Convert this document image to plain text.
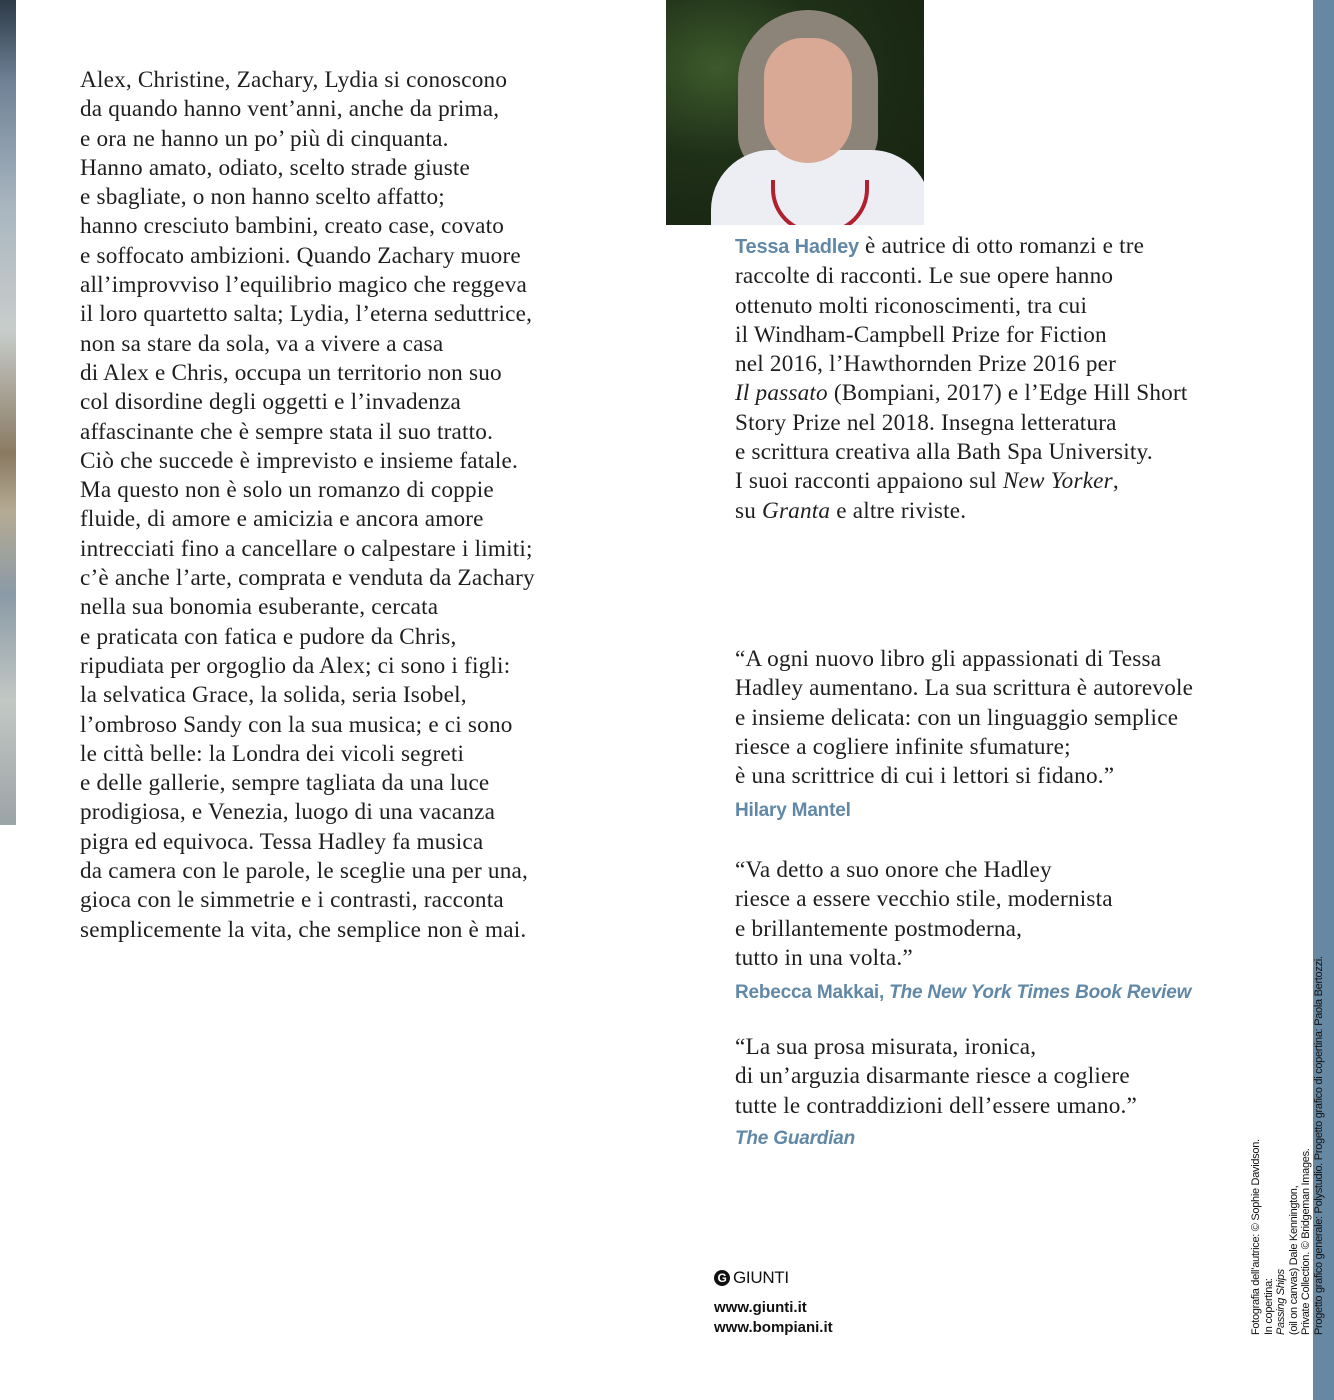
Alex, Christine, Zachary, Lydia si conoscono
da quando hanno vent’anni, anche da prima,
e ora ne hanno un po’ più di cinquanta.
Hanno amato, odiato, scelto strade giuste
e sbagliate, o non hanno scelto affatto;
hanno cresciuto bambini, creato case, covato
e soffocato ambizioni. Quando Zachary muore
all’improvviso l’equilibrio magico che reggeva
il loro quartetto salta; Lydia, l’eterna seduttrice,
non sa stare da sola, va a vivere a casa
di Alex e Chris, occupa un territorio non suo
col disordine degli oggetti e l’invadenza
affascinante che è sempre stata il suo tratto.
Ciò che succede è imprevisto e insieme fatale.
Ma questo non è solo un romanzo di coppie
fluide, di amore e amicizia e ancora amore
intrecciati fino a cancellare o calpestare i limiti;
c’è anche l’arte, comprata e venduta da Zachary
nella sua bonomia esuberante, cercata
e praticata con fatica e pudore da Chris,
ripudiata per orgoglio da Alex; ci sono i figli:
la selvatica Grace, la solida, seria Isobel,
l’ombroso Sandy con la sua musica; e ci sono
le città belle: la Londra dei vicoli segreti
e delle gallerie, sempre tagliata da una luce
prodigiosa, e Venezia, luogo di una vacanza
pigra ed equivoca. Tessa Hadley fa musica
da camera con le parole, le sceglie una per una,
gioca con le simmetrie e i contrasti, racconta
semplicemente la vita, che semplice non è mai.
Tessa Hadley è autrice di otto romanzi e tre
raccolte di racconti. Le sue opere hanno
ottenuto molti riconoscimenti, tra cui
il Windham-Campbell Prize for Fiction
nel 2016, l’Hawthornden Prize 2016 per
Il passato (Bompiani, 2017) e l’Edge Hill Short
Story Prize nel 2018. Insegna letteratura
e scrittura creativa alla Bath Spa University.
I suoi racconti appaiono sul New Yorker,
su Granta e altre riviste.
“A ogni nuovo libro gli appassionati di Tessa
Hadley aumentano. La sua scrittura è autorevole
e insieme delicata: con un linguaggio semplice
riesce a cogliere infinite sfumature;
è una scrittrice di cui i lettori si fidano.”
Hilary Mantel
“Va detto a suo onore che Hadley
riesce a essere vecchio stile, modernista
e brillantemente postmoderna,
tutto in una volta.”
Rebecca Makkai, The New York Times Book Review
“La sua prosa misurata, ironica,
di un’arguzia disarmante riesce a cogliere
tutte le contraddizioni dell’essere umano.”
The Guardian
G GIUNTI
www.giunti.it
www.bompiani.it	Fotografia dell’autrice: © Sophie Davidson. In copertina: Passing Ships (oil on canvas) Dale Kennington, Private Collection. © Bridgeman Images. Progetto grafico generale: Polystudio. Progetto grafico di copertina: Paola Bertozzi.
